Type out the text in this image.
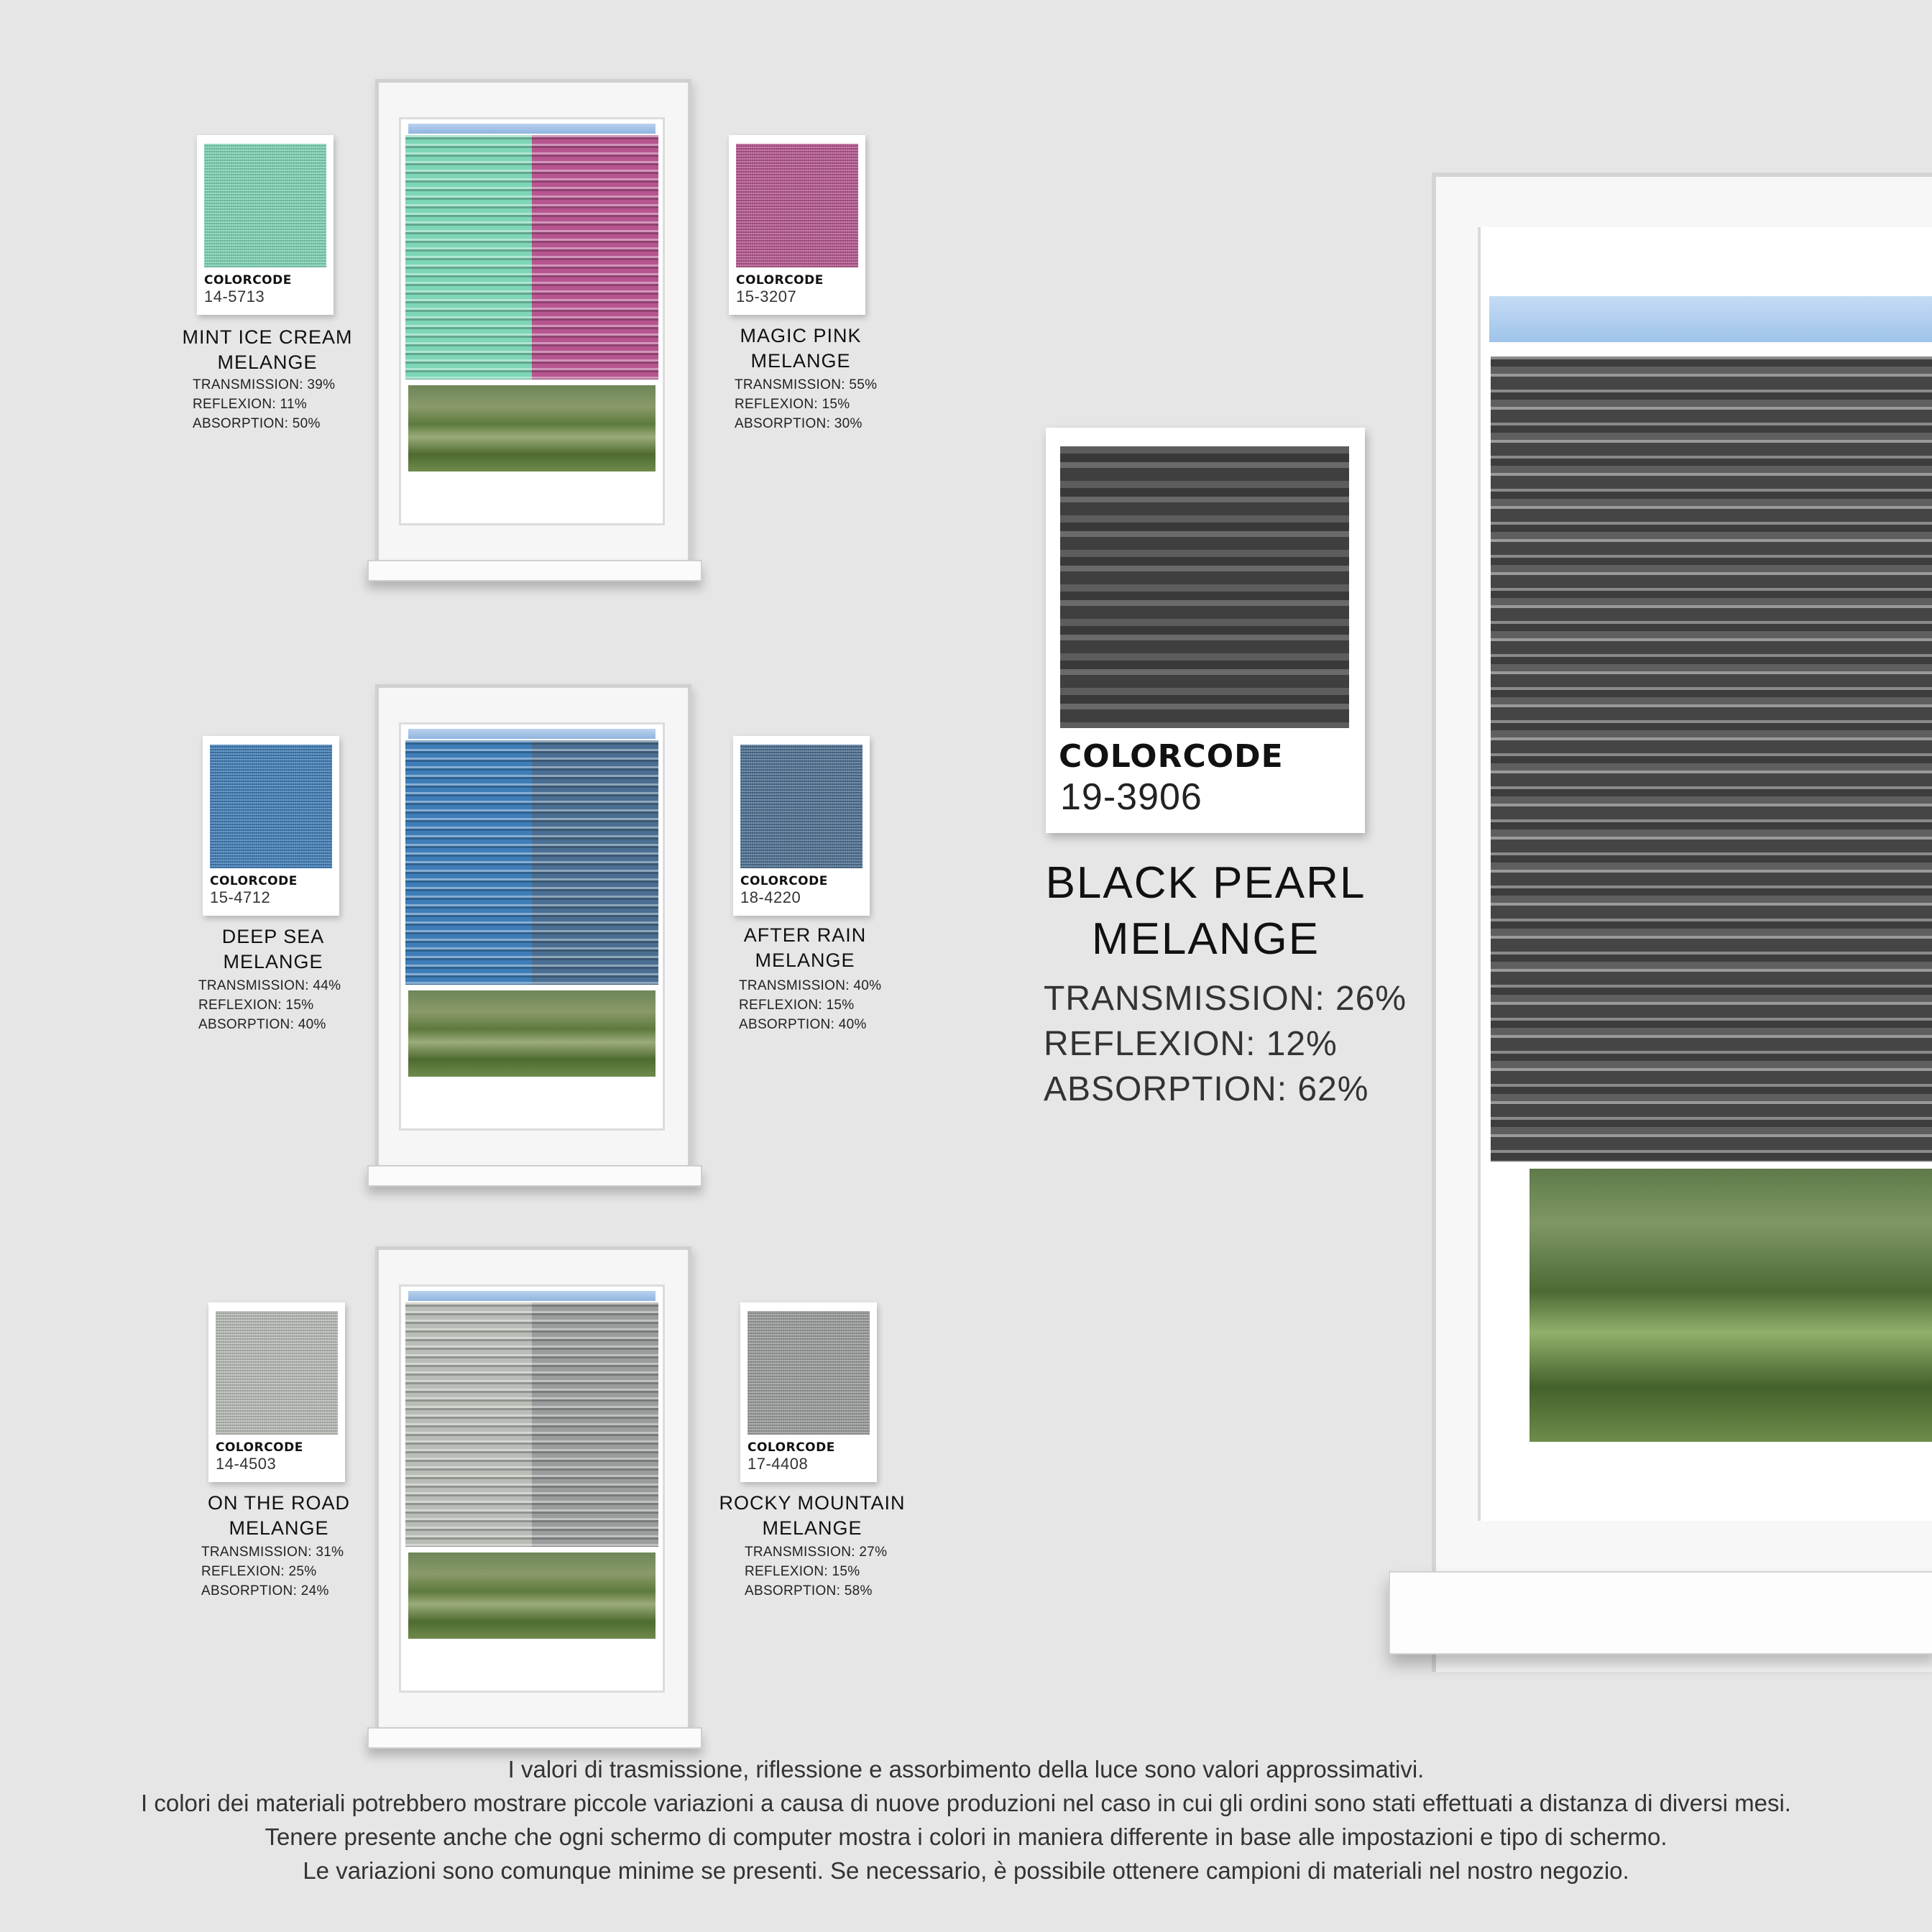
COLORCODE
14-5713
MINT ICE CREAM
MELANGE
TRANSMISSION: 39%
REFLEXION: 11%
ABSORPTION: 50%
COLORCODE
15-3207
MAGIC PINK
MELANGE
TRANSMISSION: 55%
REFLEXION: 15%
ABSORPTION: 30%
COLORCODE
15-4712
DEEP SEA
MELANGE
TRANSMISSION: 44%
REFLEXION: 15%
ABSORPTION: 40%
COLORCODE
18-4220
AFTER RAIN
MELANGE
TRANSMISSION: 40%
REFLEXION: 15%
ABSORPTION: 40%
COLORCODE
14-4503
ON THE ROAD
MELANGE
TRANSMISSION: 31%
REFLEXION: 25%
ABSORPTION: 24%
COLORCODE
17-4408
ROCKY MOUNTAIN
MELANGE
TRANSMISSION: 27%
REFLEXION: 15%
ABSORPTION: 58%
COLORCODE
19-3906
BLACK PEARL
MELANGE
TRANSMISSION: 26%
REFLEXION: 12%
ABSORPTION: 62%
I valori di trasmissione, riflessione e assorbimento della luce sono valori approssimativi.
I colori dei materiali potrebbero mostrare piccole variazioni a causa di nuove produzioni nel caso in cui gli ordini sono stati effettuati a distanza di diversi mesi.
Tenere presente anche che ogni schermo di computer mostra i colori in maniera differente in base alle impostazioni e tipo di schermo.
Le variazioni sono comunque minime se presenti. Se necessario, è possibile ottenere campioni di materiali nel nostro negozio.
